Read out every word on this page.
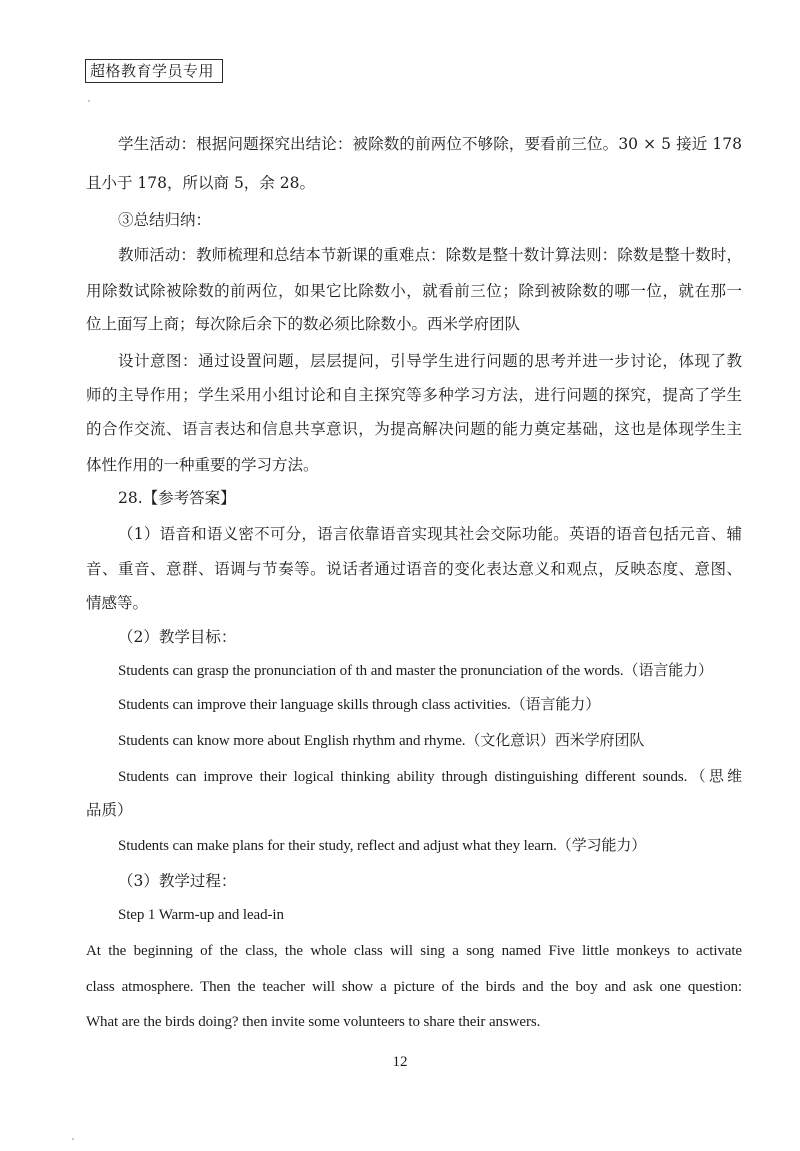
超格教育学员专用
学生活动：根据问题探究出结论：被除数的前两位不够除，要看前三位。30 × 5 接近 178
且小于 178，所以商 5，余 28。
③总结归纳：
教师活动：教师梳理和总结本节新课的重难点：除数是整十数计算法则：除数是整十数时，
用除数试除被除数的前两位，如果它比除数小，就看前三位；除到被除数的哪一位，就在那一
位上面写上商；每次除后余下的数必须比除数小。西米学府团队
设计意图：通过设置问题，层层提问，引导学生进行问题的思考并进一步讨论，体现了教
师的主导作用；学生采用小组讨论和自主探究等多种学习方法，进行问题的探究，提高了学生
的合作交流、语言表达和信息共享意识，为提高解决问题的能力奠定基础，这也是体现学生主
体性作用的一种重要的学习方法。
28.【参考答案】
（1）语音和语义密不可分，语言依靠语音实现其社会交际功能。英语的语音包括元音、辅
音、重音、意群、语调与节奏等。说话者通过语音的变化表达意义和观点，反映态度、意图、
情感等。
（2）教学目标：
Students can grasp the pronunciation of th and master the pronunciation of the words.（语言能力）
Students can improve their language skills through class activities.（语言能力）
Students can know more about English rhythm and rhyme.（文化意识）西米学府团队
Students can improve their logical thinking ability through distinguishing different sounds.（思维
品质）
Students can make plans for their study, reflect and adjust what they learn.（学习能力）
（3）教学过程：
Step 1 Warm-up and lead-in
At the beginning of the class, the whole class will sing a song named Five little monkeys to activate
class atmosphere. Then the teacher will show a picture of the birds and the boy and ask one question:
What are the birds doing? then invite some volunteers to share their answers.
12
